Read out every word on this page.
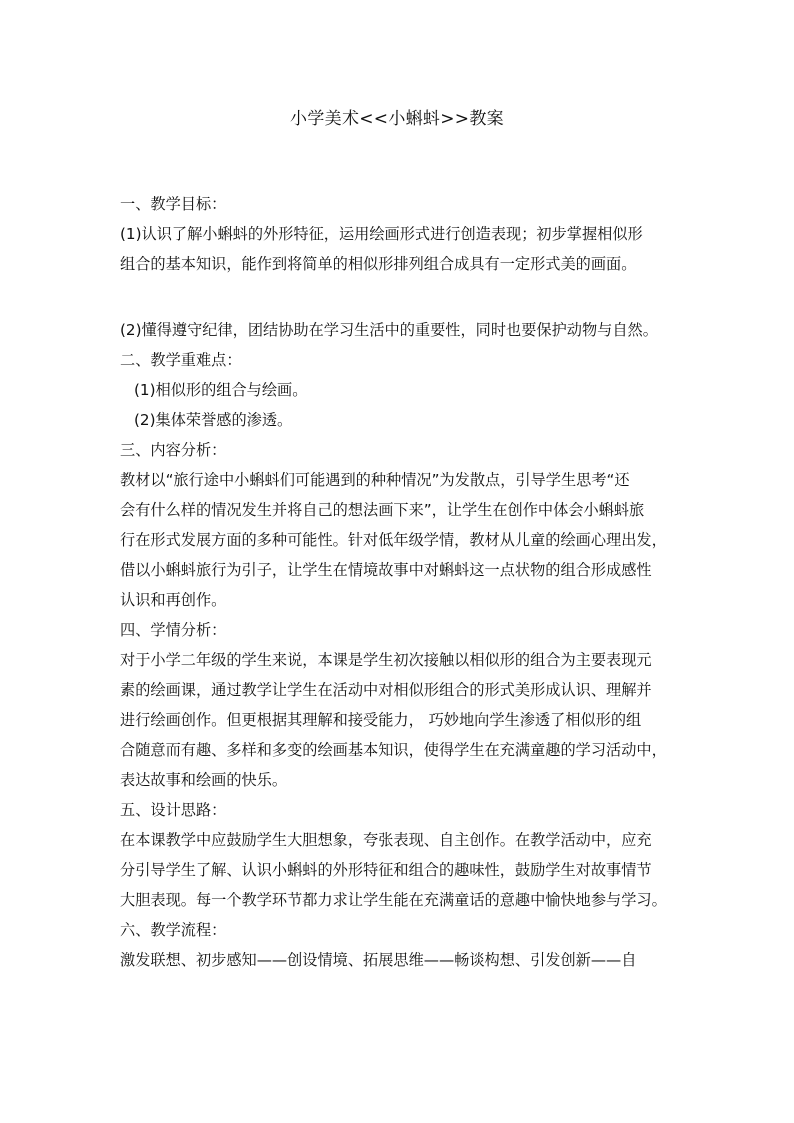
小学美术<<小蝌蚪>>教案
一、教学目标：
(1)认识了解小蝌蚪的外形特征，运用绘画形式进行创造表现；初步掌握相似形
组合的基本知识，能作到将简单的相似形排列组合成具有一定形式美的画面。
(2)懂得遵守纪律，团结协助在学习生活中的重要性，同时也要保护动物与自然。
二、教学重难点：
(1)相似形的组合与绘画。
(2)集体荣誉感的渗透。
三、内容分析：
教材以“旅行途中小蝌蚪们可能遇到的种种情况”为发散点，引导学生思考“还
会有什么样的情况发生并将自己的想法画下来”，让学生在创作中体会小蝌蚪旅
行在形式发展方面的多种可能性。针对低年级学情，教材从儿童的绘画心理出发，
借以小蝌蚪旅行为引子，让学生在情境故事中对蝌蚪这一点状物的组合形成感性
认识和再创作。
四、学情分析：
对于小学二年级的学生来说，本课是学生初次接触以相似形的组合为主要表现元
素的绘画课，通过教学让学生在活动中对相似形组合的形式美形成认识、理解并
进行绘画创作。但更根据其理解和接受能力， 巧妙地向学生渗透了相似形的组
合随意而有趣、多样和多变的绘画基本知识，使得学生在充满童趣的学习活动中，
表达故事和绘画的快乐。
五、设计思路：
在本课教学中应鼓励学生大胆想象，夸张表现、自主创作。在教学活动中，应充
分引导学生了解、认识小蝌蚪的外形特征和组合的趣味性，鼓励学生对故事情节
大胆表现。每一个教学环节都力求让学生能在充满童话的意趣中愉快地参与学习。
六、教学流程：
激发联想、初步感知——创设情境、拓展思维——畅谈构想、引发创新——自
